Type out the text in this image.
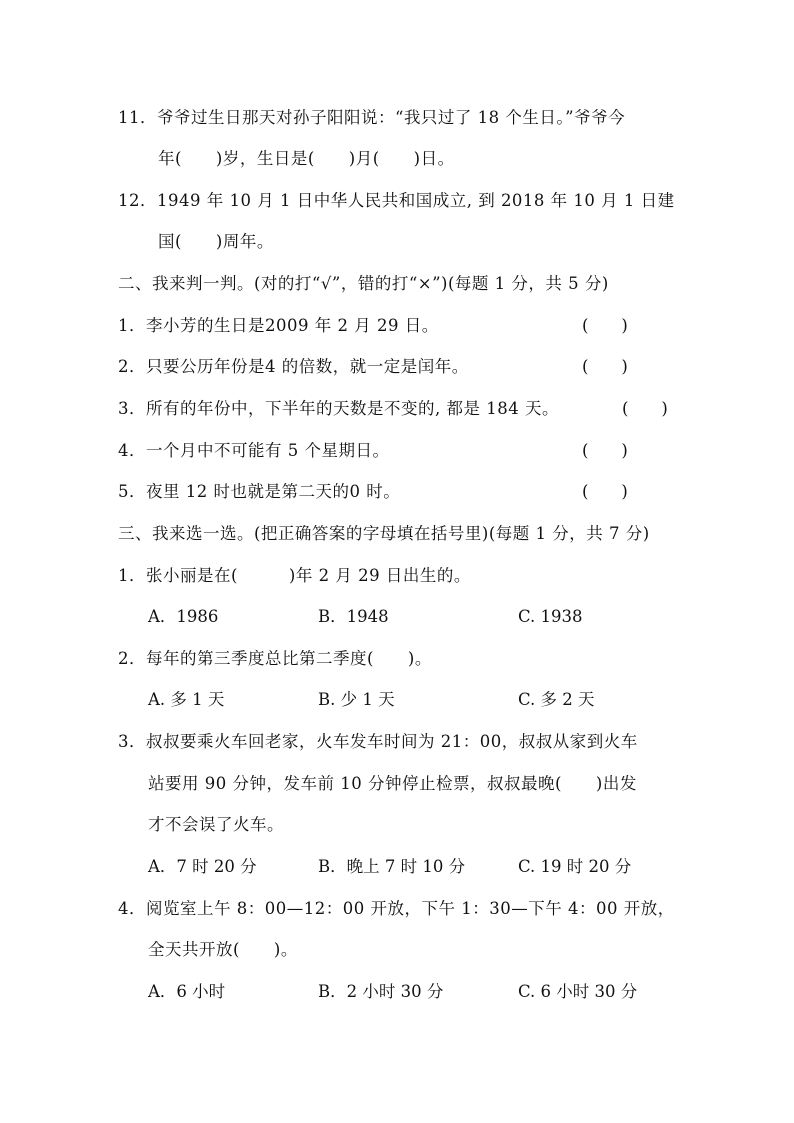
11．爷爷过生日那天对孙子阳阳说：“我只过了 18 个生日。”爷爷今
年(　　)岁，生日是(　　)月(　　)日。
12．1949 年 10 月 1 日中华人民共和国成立, 到 2018 年 10 月 1 日建
国(　　)周年。
二、我来判一判。(对的打“√”，错的打“×”)(每题 1 分，共 5 分)
1．李小芳的生日是2009 年 2 月 29 日。	(　　)
2．只要公历年份是4 的倍数，就一定是闰年。	(　　)
3．所有的年份中，下半年的天数是不变的, 都是 184 天。	(　　)
4．一个月中不可能有 5 个星期日。	(　　)
5．夜里 12 时也就是第二天的0 时。	(　　)
三、我来选一选。(把正确答案的字母填在括号里)(每题 1 分，共 7 分)
1．张小丽是在(　　　)年 2 月 29 日出生的。
A．1986	B．1948	C. 1938
2．每年的第三季度总比第二季度(　　)。
A. 多 1 天	B. 少 1 天	C. 多 2 天
3．叔叔要乘火车回老家，火车发车时间为 21：00，叔叔从家到火车
站要用 90 分钟，发车前 10 分钟停止检票，叔叔最晚(　　)出发
才不会误了火车。
A．7 时 20 分	B．晚上 7 时 10 分	C. 19 时 20 分
4．阅览室上午 8：00—12：00 开放，下午 1：30—下午 4：00 开放，
全天共开放(　　)。
A．6 小时	B．2 小时 30 分	C. 6 小时 30 分
